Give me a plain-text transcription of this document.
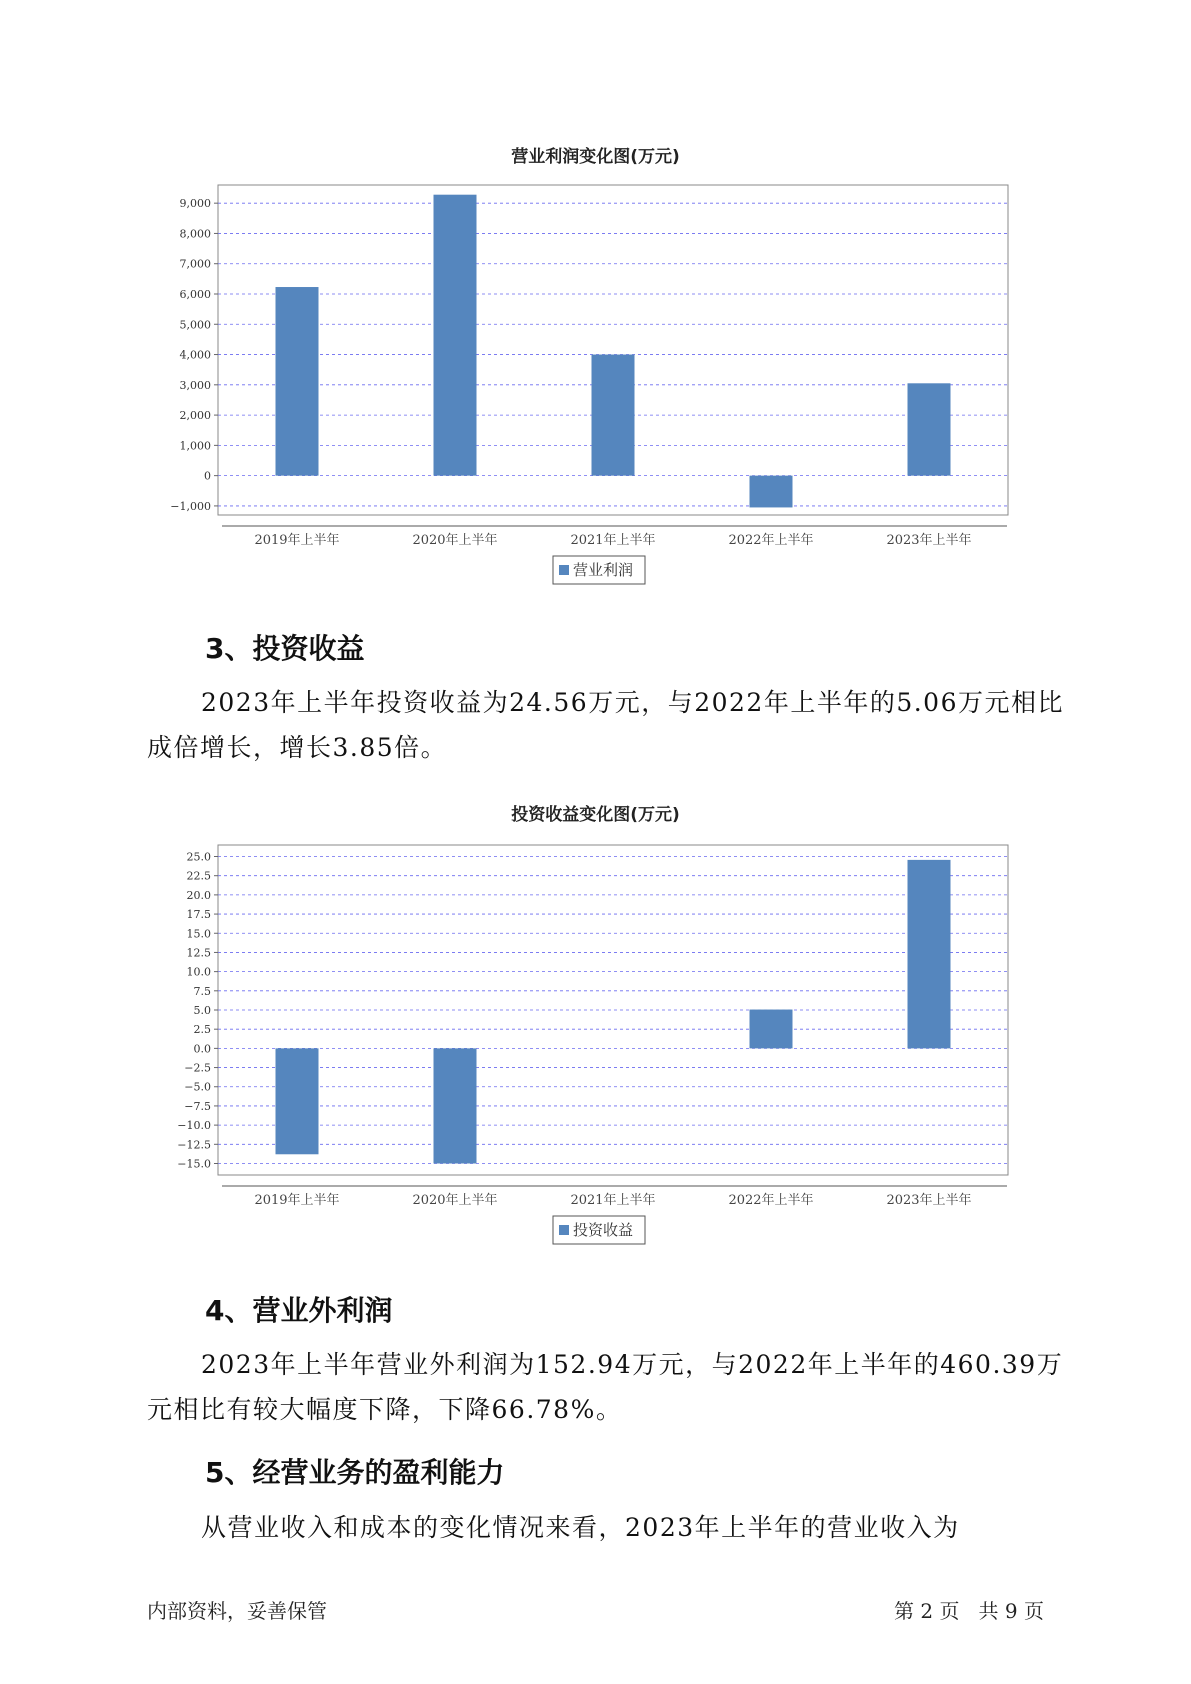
营业利润变化图(万元)
9,000
8,000
7,000
6,000
5,000
4,000
3,000
2,000
1,000
0
−1,000
2019年上半年	2020年上半年	2021年上半年	2022年上半年	2023年上半年
营业利润
3、投资收益
2023年上半年投资收益为24.56万元，与2022年上半年的5.06万元相比
成倍增长，增长3.85倍。
投资收益变化图(万元)
25.0
22.5
20.0
17.5
15.0
12.5
10.0
7.5
5.0
2.5
0.0
−2.5
−5.0
−7.5
−10.0
−12.5
−15.0
2019年上半年	2020年上半年	2021年上半年	2022年上半年	2023年上半年
投资收益
4、营业外利润
2023年上半年营业外利润为152.94万元，与2022年上半年的460.39万
元相比有较大幅度下降，下降66.78%。
5、经营业务的盈利能力
从营业收入和成本的变化情况来看，2023年上半年的营业收入为
内部资料，妥善保管	第 2 页   共 9 页
